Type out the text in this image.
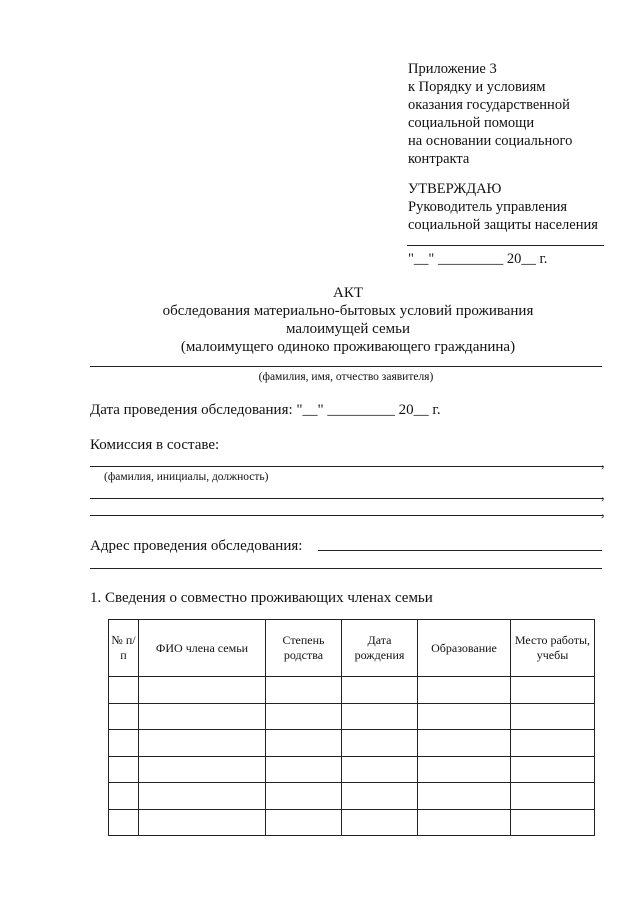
Приложение 3
к Порядку и условиям
оказания государственной
социальной помощи
на основании социального
контракта
УТВЕРЖДАЮ
Руководитель управления
социальной защиты населения
"__" _________ 20__ г.
АКТ
обследования материально-бытовых условий проживания
малоимущей семьи
(малоимущего одиноко проживающего гражданина)
(фамилия, имя, отчество заявителя)
Дата проведения обследования: "__" _________ 20__ г.
Комиссия в составе:
,
(фамилия, инициалы, должность)
,
,
Адрес проведения обследования:
1. Сведения о совместно проживающих членах семьи
№ п/п	ФИО члена семьи	Степень родства	Дата рождения	Образование	Место работы, учебы
